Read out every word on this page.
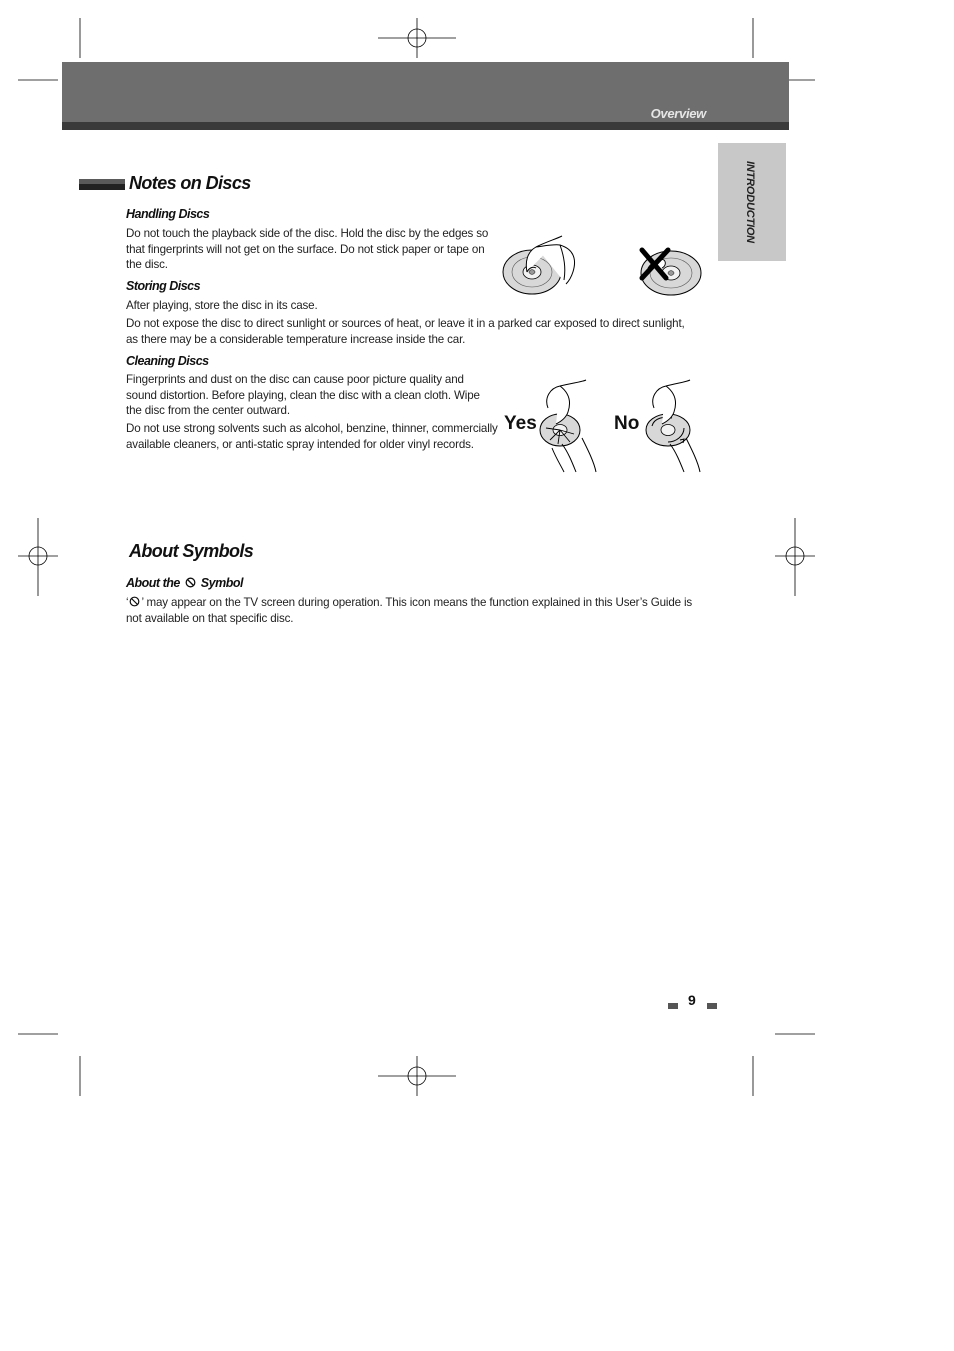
Overview
INTRODUCTION
Notes on Discs
Handling Discs
Do not touch the playback side of the disc. Hold the disc by the edges so that fingerprints will not get on the surface. Do not stick paper or tape on the disc.
Storing Discs
After playing, store the disc in its case.
Do not expose the disc to direct sunlight or sources of heat, or leave it in a parked car exposed to direct sunlight, as there may be a considerable temperature increase inside the car.
Cleaning Discs
Fingerprints and dust on the disc can cause poor picture quality and sound distortion. Before playing, clean the disc with a clean cloth. Wipe the disc from the center outward.
Do not use strong solvents such as alcohol, benzine, thinner, commercially available cleaners, or anti-static spray intended for older vinyl records.
Yes	No
About Symbols
About the Symbol
‘ ’ may appear on the TV screen during operation. This icon means the function explained in this User’s Guide is not available on that specific disc.
9
